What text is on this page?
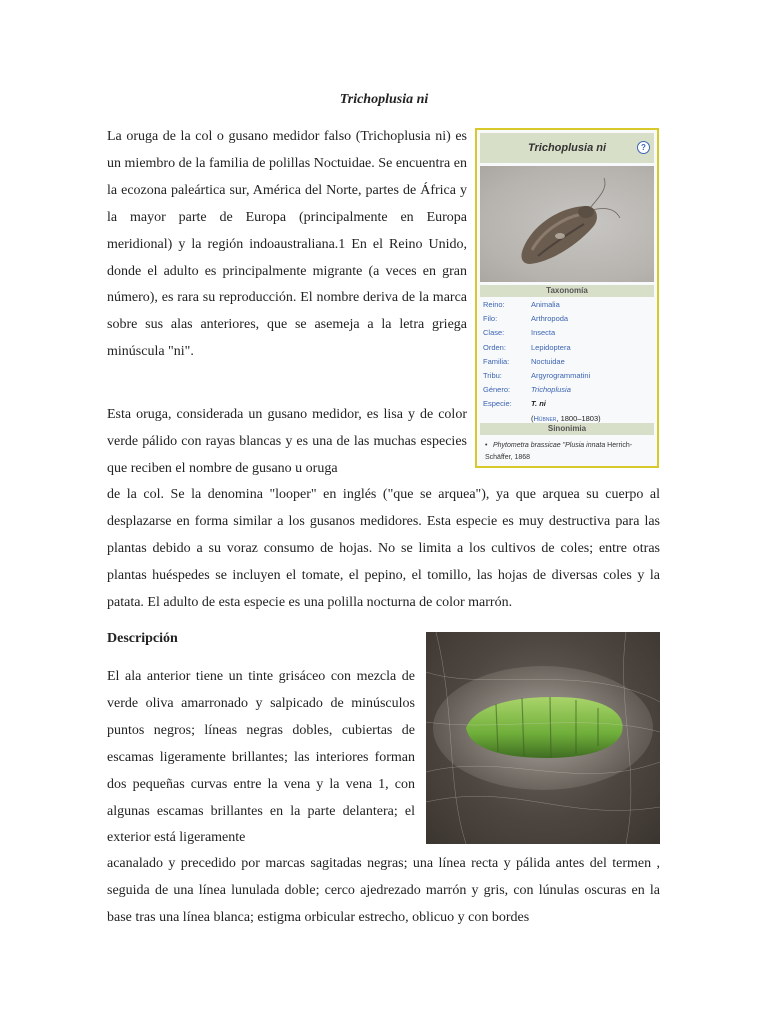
Trichoplusia ni

La oruga de la col o gusano medidor falso (Trichoplusia ni) es un miembro de la familia de polillas Noctuidae. Se encuentra en la ecozona paleártica sur, América del Norte, partes de África y la mayor parte de Europa (principalmente en Europa meridional) y la región indoaustraliana.1 En el Reino Unido, donde el adulto es principalmente migrante (a veces en gran número), es rara su reproducción. El nombre deriva de la marca sobre sus alas anteriores, que se asemeja a la letra griega minúscula "ni".

Trichoplusia ni	?
Taxonomía
Reino:	Animalia
Filo:	Arthropoda
Clase:	Insecta
Orden:	Lepidoptera
Familia:	Noctuidae
Tribu:	Argyrogrammatini
Género:	Trichoplusia
Especie:	T. ni
(Hübner, 1800–1803)
Sinonimia
• Phytometra brassicae "Plusia innata Herrich-Schäffer, 1868

Esta oruga, considerada un gusano medidor, es lisa y de color verde pálido con rayas blancas y es una de las muchas especies que reciben el nombre de gusano u oruga

de la col. Se la denomina "looper" en inglés ("que se arquea"), ya que arquea su cuerpo al desplazarse en forma similar a los gusanos medidores. Esta especie es muy destructiva para las plantas debido a su voraz consumo de hojas. No se limita a los cultivos de coles; entre otras plantas huéspedes se incluyen el tomate, el pepino, el tomillo, las hojas de diversas coles y la patata. El adulto de esta especie es una polilla nocturna de color marrón.

Descripción

El ala anterior tiene un tinte grisáceo con mezcla de verde oliva amarronado y salpicado de minúsculos puntos negros; líneas negras dobles, cubiertas de escamas ligeramente brillantes; las interiores forman dos pequeñas curvas entre la vena y la vena 1, con algunas escamas brillantes en la parte delantera; el exterior está ligeramente

acanalado y precedido por marcas sagitadas negras; una línea recta y pálida antes del termen , seguida de una línea lunulada doble; cerco ajedrezado marrón y gris, con lúnulas oscuras en la base tras una línea blanca; estigma orbicular estrecho, oblicuo y con bordes
